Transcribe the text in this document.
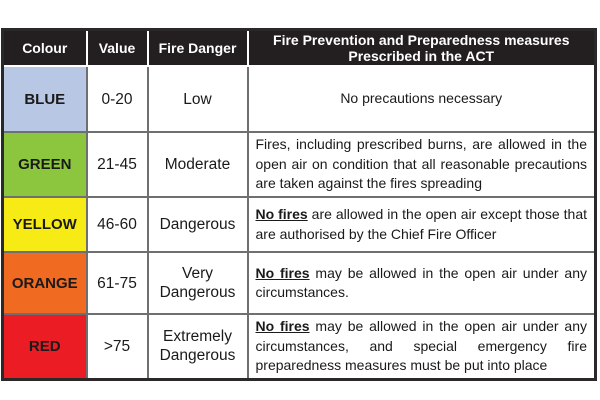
Colour	Value	Fire Danger	Fire Prevention and Preparedness measures Prescribed in the ACT
BLUE	0-20	Low	No precautions necessary
GREEN	21-45	Moderate	Fires, including prescribed burns, are allowed in the open air on condition that all reasonable precautions are taken against the fires spreading
YELLOW	46-60	Dangerous	No fires are allowed in the open air except those that are authorised by the Chief Fire Officer
ORANGE	61-75	Very Dangerous	No fires may be allowed in the open air under any circumstances.
RED	>75	Extremely Dangerous	No fires may be allowed in the open air under any circumstances, and special emergency fire preparedness measures must be put into place
